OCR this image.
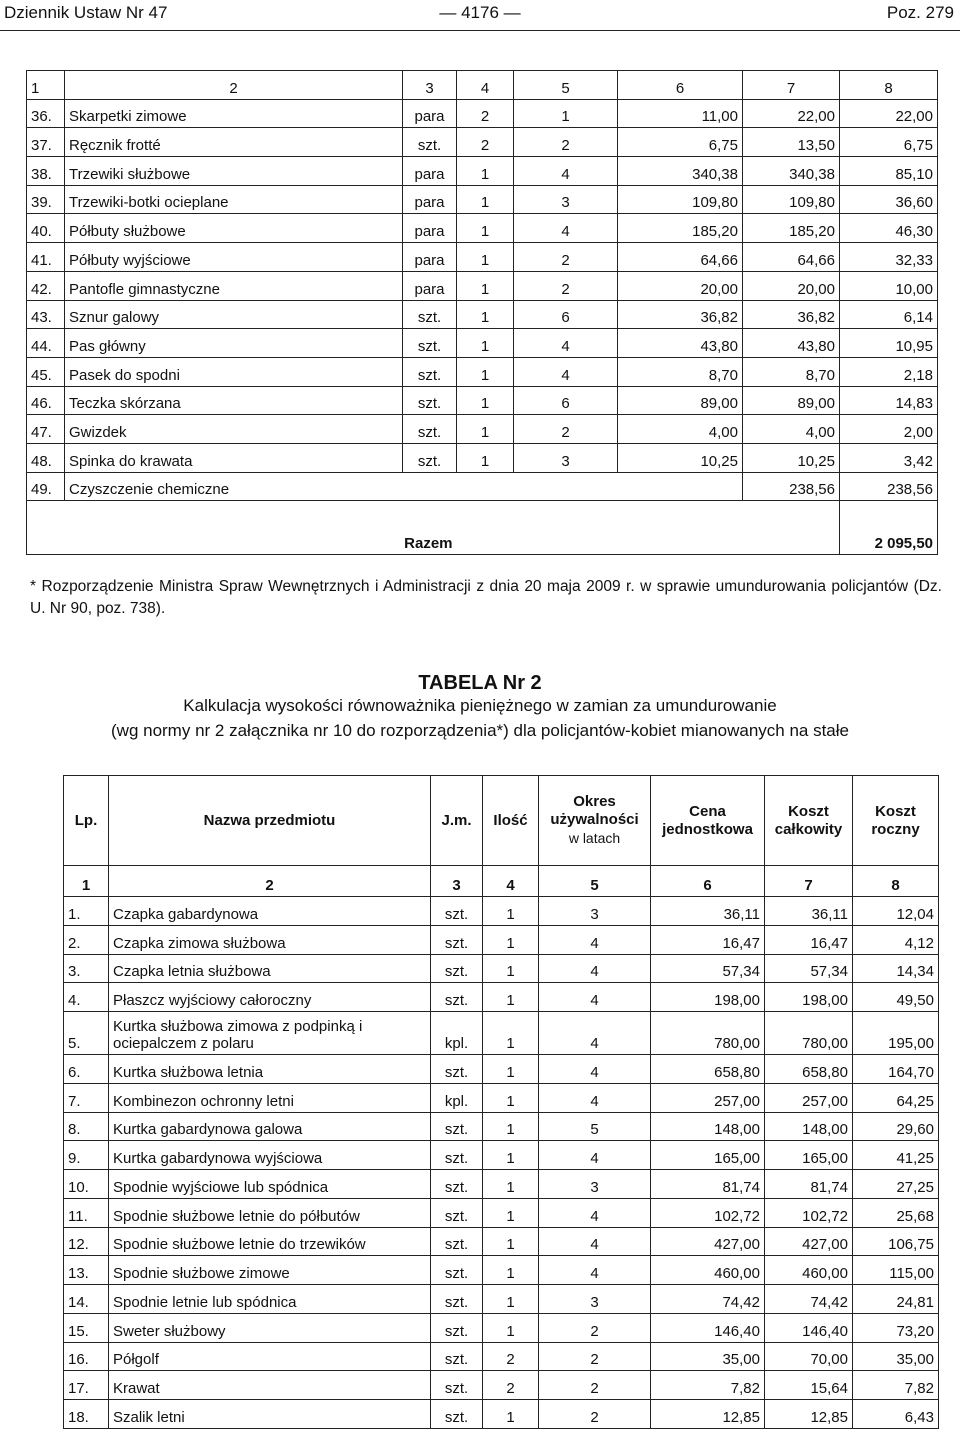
Dziennik Ustaw Nr 47	— 4176 —	Poz. 279
1	2	3	4	5	6	7	8
36.	Skarpetki zimowe	para	2	1	11,00	22,00	22,00
37.	Ręcznik frotté	szt.	2	2	6,75	13,50	6,75
38.	Trzewiki służbowe	para	1	4	340,38	340,38	85,10
39.	Trzewiki-botki ocieplane	para	1	3	109,80	109,80	36,60
40.	Półbuty służbowe	para	1	4	185,20	185,20	46,30
41.	Półbuty wyjściowe	para	1	2	64,66	64,66	32,33
42.	Pantofle gimnastyczne	para	1	2	20,00	20,00	10,00
43.	Sznur galowy	szt.	1	6	36,82	36,82	6,14
44.	Pas główny	szt.	1	4	43,80	43,80	10,95
45.	Pasek do spodni	szt.	1	4	8,70	8,70	2,18
46.	Teczka skórzana	szt.	1	6	89,00	89,00	14,83
47.	Gwizdek	szt.	1	2	4,00	4,00	2,00
48.	Spinka do krawata	szt.	1	3	10,25	10,25	3,42
49.	Czyszczenie chemiczne					238,56	238,56
Razem							2 095,50
* Rozporządzenie Ministra Spraw Wewnętrznych i Administracji z dnia 20 maja 2009 r. w sprawie umundurowania policjantów (Dz. U. Nr 90, poz. 738).
TABELA Nr 2
Kalkulacja wysokości równoważnika pieniężnego w zamian za umundurowanie
(wg normy nr 2 załącznika nr 10 do rozporządzenia*) dla policjantów-kobiet mianowanych na stałe
Lp.	Nazwa przedmiotu	J.m.	Ilość	Okres
używalności
w latach	Cena
jednostkowa	Koszt
całkowity	Koszt
roczny
1	2	3	4	5	6	7	8
1.	Czapka gabardynowa	szt.	1	3	36,11	36,11	12,04
2.	Czapka zimowa służbowa	szt.	1	4	16,47	16,47	4,12
3.	Czapka letnia służbowa	szt.	1	4	57,34	57,34	14,34
4.	Płaszcz wyjściowy całoroczny	szt.	1	4	198,00	198,00	49,50
5.	Kurtka służbowa zimowa z podpinką i ociepalczem z polaru	kpl.	1	4	780,00	780,00	195,00
6.	Kurtka służbowa letnia	szt.	1	4	658,80	658,80	164,70
7.	Kombinezon ochronny letni	kpl.	1	4	257,00	257,00	64,25
8.	Kurtka gabardynowa galowa	szt.	1	5	148,00	148,00	29,60
9.	Kurtka gabardynowa wyjściowa	szt.	1	4	165,00	165,00	41,25
10.	Spodnie wyjściowe lub spódnica	szt.	1	3	81,74	81,74	27,25
11.	Spodnie służbowe letnie do półbutów	szt.	1	4	102,72	102,72	25,68
12.	Spodnie służbowe letnie do trzewików	szt.	1	4	427,00	427,00	106,75
13.	Spodnie służbowe zimowe	szt.	1	4	460,00	460,00	115,00
14.	Spodnie letnie lub spódnica	szt.	1	3	74,42	74,42	24,81
15.	Sweter służbowy	szt.	1	2	146,40	146,40	73,20
16.	Półgolf	szt.	2	2	35,00	70,00	35,00
17.	Krawat	szt.	2	2	7,82	15,64	7,82
18.	Szalik letni	szt.	1	2	12,85	12,85	6,43
